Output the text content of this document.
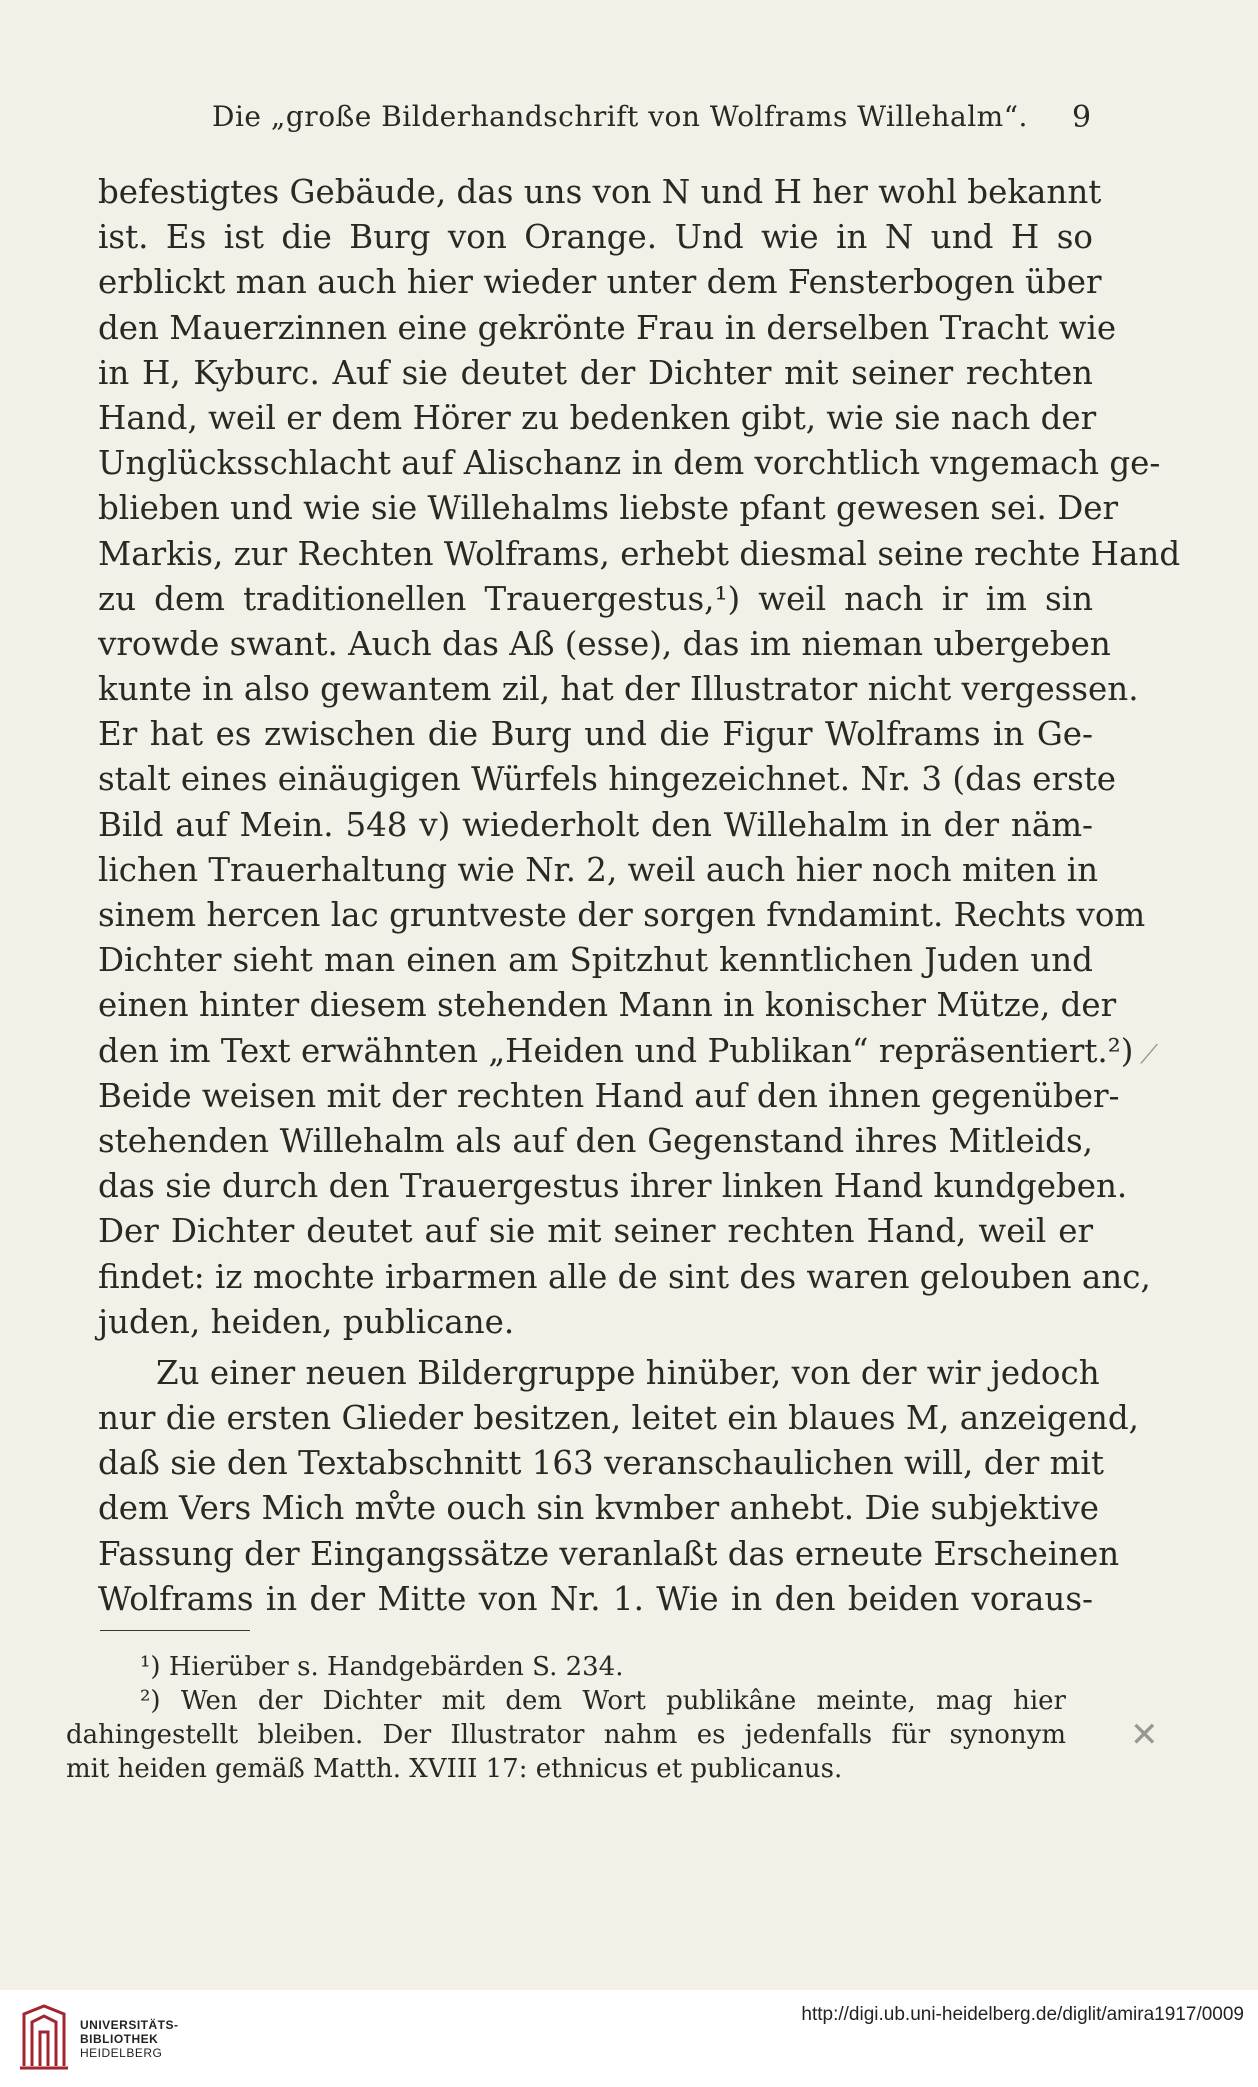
Die „große Bilderhandschrift von Wolframs Willehalm“. 9
befestigtes Gebäude, das uns von N und H her wohl bekannt
ist. Es ist die Burg von Orange. Und wie in N und H so
erblickt man auch hier wieder unter dem Fensterbogen über
den Mauerzinnen eine gekrönte Frau in derselben Tracht wie
in H, Kyburc. Auf sie deutet der Dichter mit seiner rechten
Hand, weil er dem Hörer zu bedenken gibt, wie sie nach der
Unglücksschlacht auf Alischanz in dem vorchtlich vngemach ge-
blieben und wie sie Willehalms liebste pfant gewesen sei. Der
Markis, zur Rechten Wolframs, erhebt diesmal seine rechte Hand
zu dem traditionellen Trauergestus,¹) weil nach ir im sin
vrowde swant. Auch das Aß (esse), das im nieman ubergeben
kunte in also gewantem zil, hat der Illustrator nicht vergessen.
Er hat es zwischen die Burg und die Figur Wolframs in Ge-
stalt eines einäugigen Würfels hingezeichnet. Nr. 3 (das erste
Bild auf Mein. 548 v) wiederholt den Willehalm in der näm-
lichen Trauerhaltung wie Nr. 2, weil auch hier noch miten in
sinem hercen lac gruntveste der sorgen fvndamint. Rechts vom
Dichter sieht man einen am Spitzhut kenntlichen Juden und
einen hinter diesem stehenden Mann in konischer Mütze, der
den im Text erwähnten „Heiden und Publikan“ repräsentiert.²)
Beide weisen mit der rechten Hand auf den ihnen gegenüber-
stehenden Willehalm als auf den Gegenstand ihres Mitleids,
das sie durch den Trauergestus ihrer linken Hand kundgeben.
Der Dichter deutet auf sie mit seiner rechten Hand, weil er
findet: iz mochte irbarmen alle de sint des waren gelouben anc,
juden, heiden, publicane.
Zu einer neuen Bildergruppe hinüber, von der wir jedoch
nur die ersten Glieder besitzen, leitet ein blaues M, anzeigend,
daß sie den Textabschnitt 163 veranschaulichen will, der mit
dem Vers Mich mv̊te ouch sin kvmber anhebt. Die subjektive
Fassung der Eingangssätze veranlaßt das erneute Erscheinen
Wolframs in der Mitte von Nr. 1. Wie in den beiden voraus-
¹) Hierüber s. Handgebärden S. 234.
²) Wen der Dichter mit dem Wort publikâne meinte, mag hier
dahingestellt bleiben. Der Illustrator nahm es jedenfalls für synonym
mit heiden gemäß Matth. XVIII 17: ethnicus et publicanus.
⟋
✕
UNIVERSITÄTS-
BIBLIOTHEK
HEIDELBERG
http://digi.ub.uni-heidelberg.de/diglit/amira1917/0009
